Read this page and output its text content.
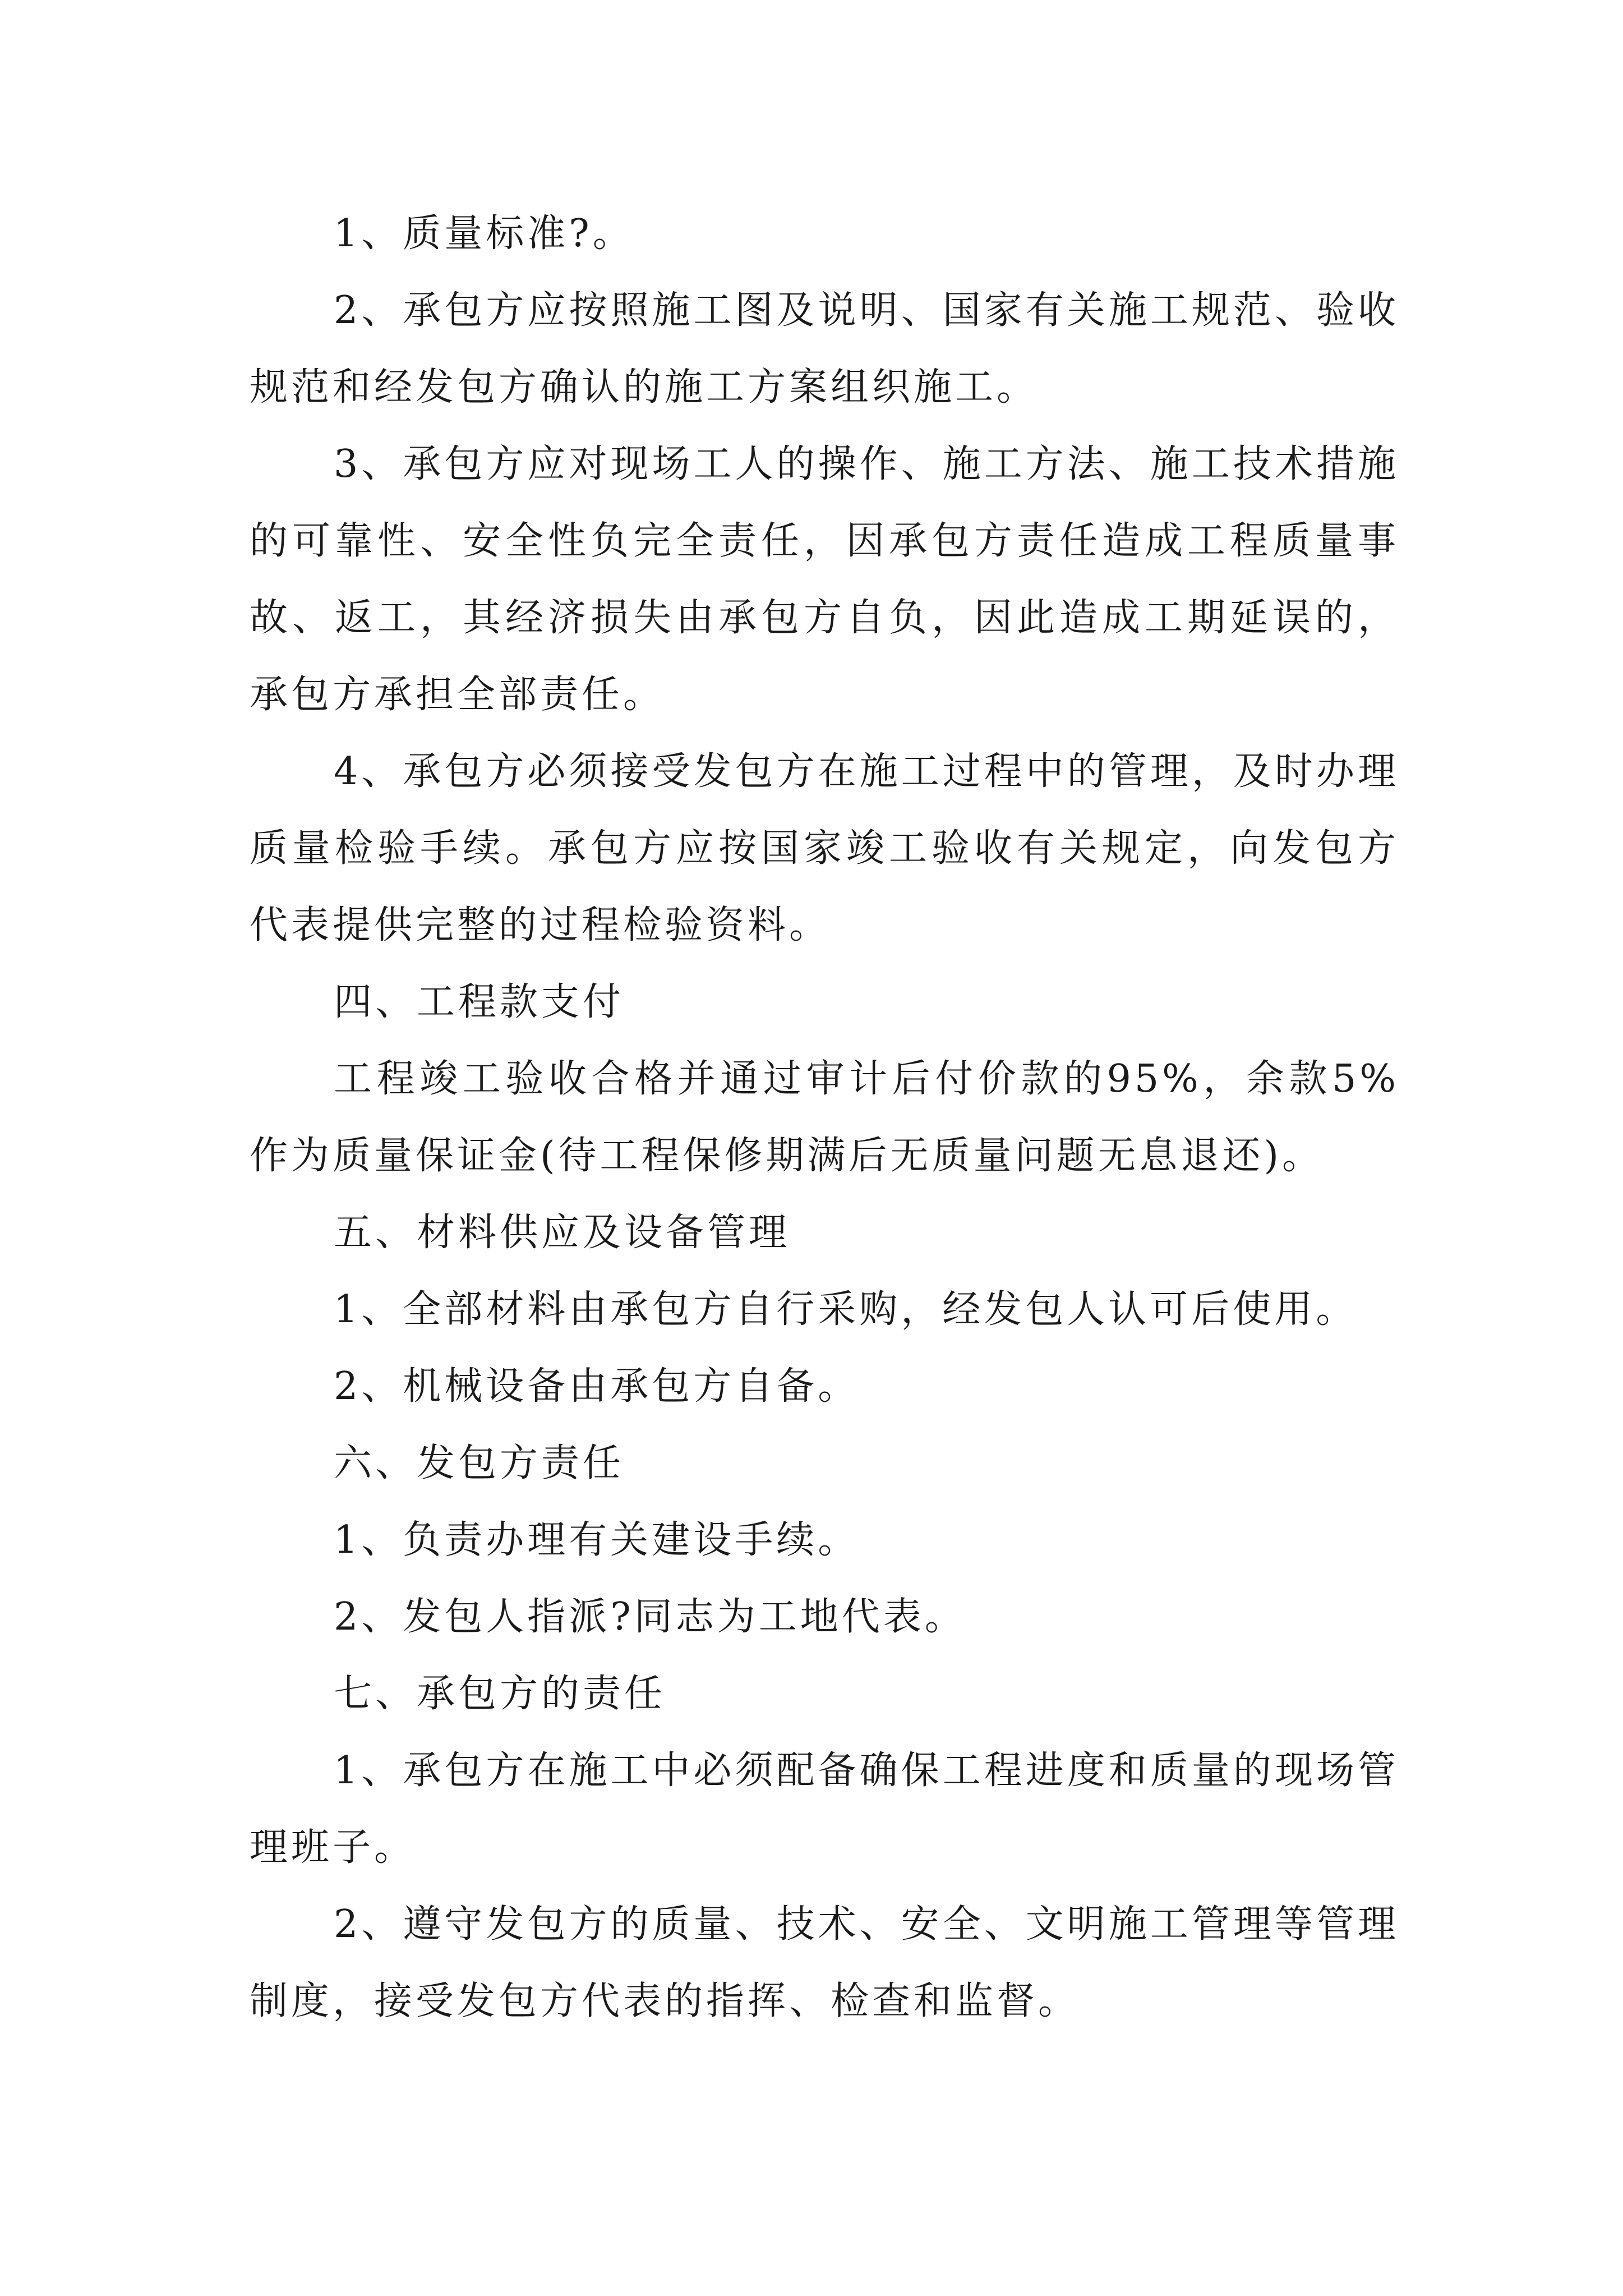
1、质量标准?。

2、承包方应按照施工图及说明、国家有关施工规范、验收规范和经发包方确认的施工方案组织施工。

3、承包方应对现场工人的操作、施工方法、施工技术措施的可靠性、安全性负完全责任，因承包方责任造成工程质量事故、返工，其经济损失由承包方自负，因此造成工期延误的，承包方承担全部责任。

4、承包方必须接受发包方在施工过程中的管理，及时办理质量检验手续。承包方应按国家竣工验收有关规定，向发包方代表提供完整的过程检验资料。

四、工程款支付

工程竣工验收合格并通过审计后付价款的95%，余款5%作为质量保证金(待工程保修期满后无质量问题无息退还)。

五、材料供应及设备管理

1、全部材料由承包方自行采购，经发包人认可后使用。

2、机械设备由承包方自备。

六、发包方责任

1、负责办理有关建设手续。

2、发包人指派?同志为工地代表。

七、承包方的责任

1、承包方在施工中必须配备确保工程进度和质量的现场管理班子。

2、遵守发包方的质量、技术、安全、文明施工管理等管理制度，接受发包方代表的指挥、检查和监督。
